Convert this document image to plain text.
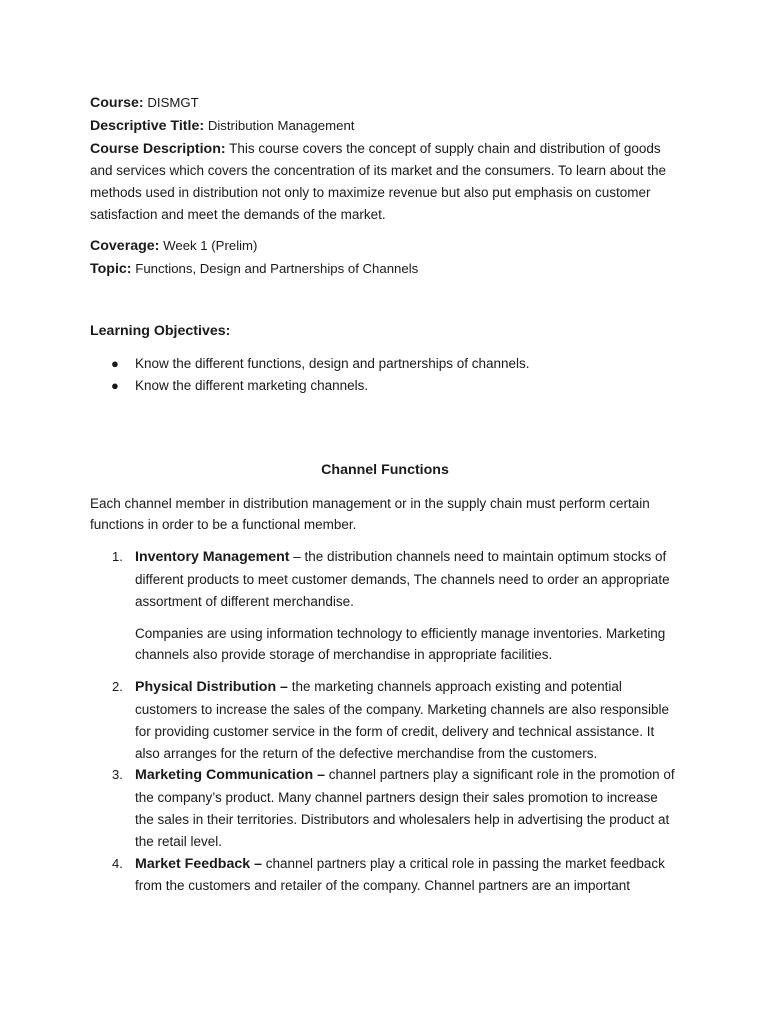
Course: DISMGT

Descriptive Title: Distribution Management

Course Description: This course covers the concept of supply chain and distribution of goods and services which covers the concentration of its market and the consumers. To learn about the methods used in distribution not only to maximize revenue but also put emphasis on customer satisfaction and meet the demands of the market.

Coverage: Week 1 (Prelim)

Topic: Functions, Design and Partnerships of Channels

Learning Objectives:

● Know the different functions, design and partnerships of channels.
● Know the different marketing channels.

Channel Functions

Each channel member in distribution management or in the supply chain must perform certain functions in order to be a functional member.

1. Inventory Management – the distribution channels need to maintain optimum stocks of different products to meet customer demands, The channels need to order an appropriate assortment of different merchandise.

Companies are using information technology to efficiently manage inventories. Marketing channels also provide storage of merchandise in appropriate facilities.

2. Physical Distribution – the marketing channels approach existing and potential customers to increase the sales of the company. Marketing channels are also responsible for providing customer service in the form of credit, delivery and technical assistance. It also arranges for the return of the defective merchandise from the customers.

3. Marketing Communication – channel partners play a significant role in the promotion of the company’s product. Many channel partners design their sales promotion to increase the sales in their territories. Distributors and wholesalers help in advertising the product at the retail level.

4. Market Feedback – channel partners play a critical role in passing the market feedback from the customers and retailer of the company. Channel partners are an important
